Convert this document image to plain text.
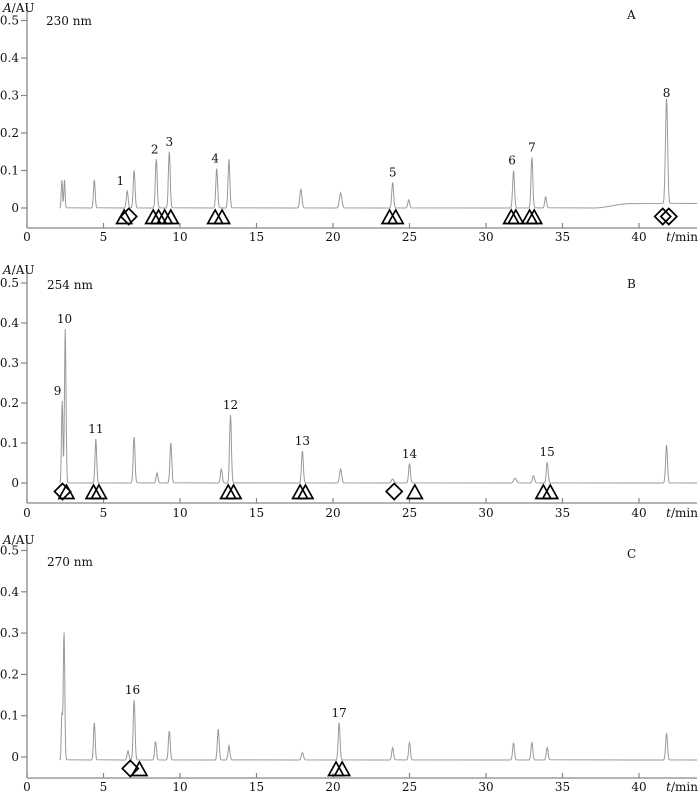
0
0.1
0.2
0.3
0.4
0.5
0	5	10	15	20	25	30	35	40
A/AU
t/min
230 nm	A
1
2
3
4
5
6
7
8
0
0.1
0.2
0.3
0.4
0.5
0	5	10	15	20	25	30	35	40
A/AU
t/min
254 nm	B
9
10
11
12
13
14	15
0
0.1
0.2
0.3
0.4
0.5
0	5	10	15	20	25	30	35	40
A/AU
t/min
270 nm
C
16
17
